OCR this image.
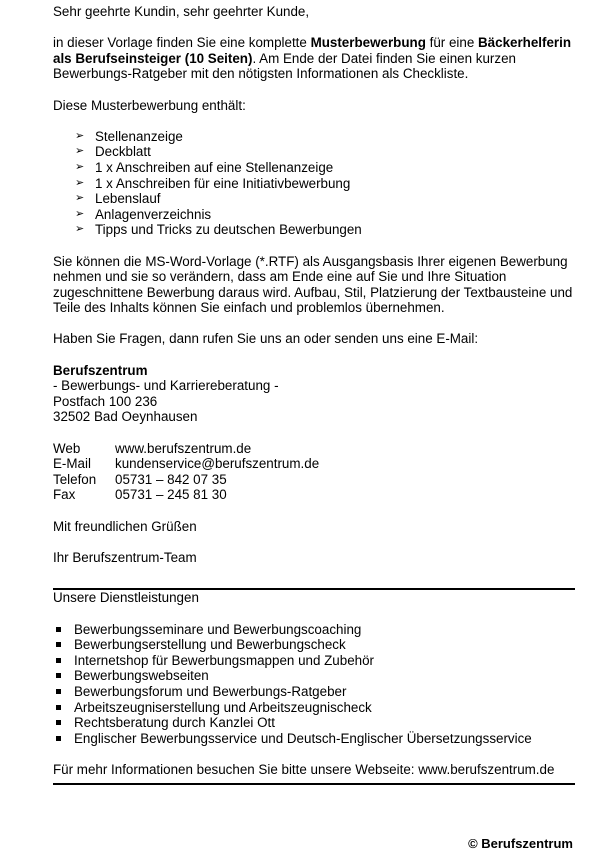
Sehr geehrte Kundin, sehr geehrter Kunde,

in dieser Vorlage finden Sie eine komplette Musterbewerbung für eine Bäckerhelferin als Berufseinsteiger (10 Seiten). Am Ende der Datei finden Sie einen kurzen Bewerbungs-Ratgeber mit den nötigsten Informationen als Checkliste.

Diese Musterbewerbung enthält:

➢ Stellenanzeige
➢ Deckblatt
➢ 1 x Anschreiben auf eine Stellenanzeige
➢ 1 x Anschreiben für eine Initiativbewerbung
➢ Lebenslauf
➢ Anlagenverzeichnis
➢ Tipps und Tricks zu deutschen Bewerbungen

Sie können die MS-Word-Vorlage (*.RTF) als Ausgangsbasis Ihrer eigenen Bewerbung nehmen und sie so verändern, dass am Ende eine auf Sie und Ihre Situation zugeschnittene Bewerbung daraus wird. Aufbau, Stil, Platzierung der Textbausteine und Teile des Inhalts können Sie einfach und problemlos übernehmen.

Haben Sie Fragen, dann rufen Sie uns an oder senden uns eine E-Mail:

Berufszentrum

- Bewerbungs- und Karriereberatung -

Postfach 100 236

32502 Bad Oeynhausen

Web	www.berufszentrum.de
E-Mail	kundenservice@berufszentrum.de
Telefon	05731 – 842 07 35
Fax	05731 – 245 81 30

Mit freundlichen Grüßen

Ihr Berufszentrum-Team

Unsere Dienstleistungen

Bewerbungsseminare und Bewerbungscoaching
Bewerbungserstellung und Bewerbungscheck
Internetshop für Bewerbungsmappen und Zubehör
Bewerbungswebseiten
Bewerbungsforum und Bewerbungs-Ratgeber
Arbeitszeugniserstellung und Arbeitszeugnischeck
Rechtsberatung durch Kanzlei Ott
Englischer Bewerbungsservice und Deutsch-Englischer Übersetzungsservice

Für mehr Informationen besuchen Sie bitte unsere Webseite: www.berufszentrum.de

© Berufszentrum
